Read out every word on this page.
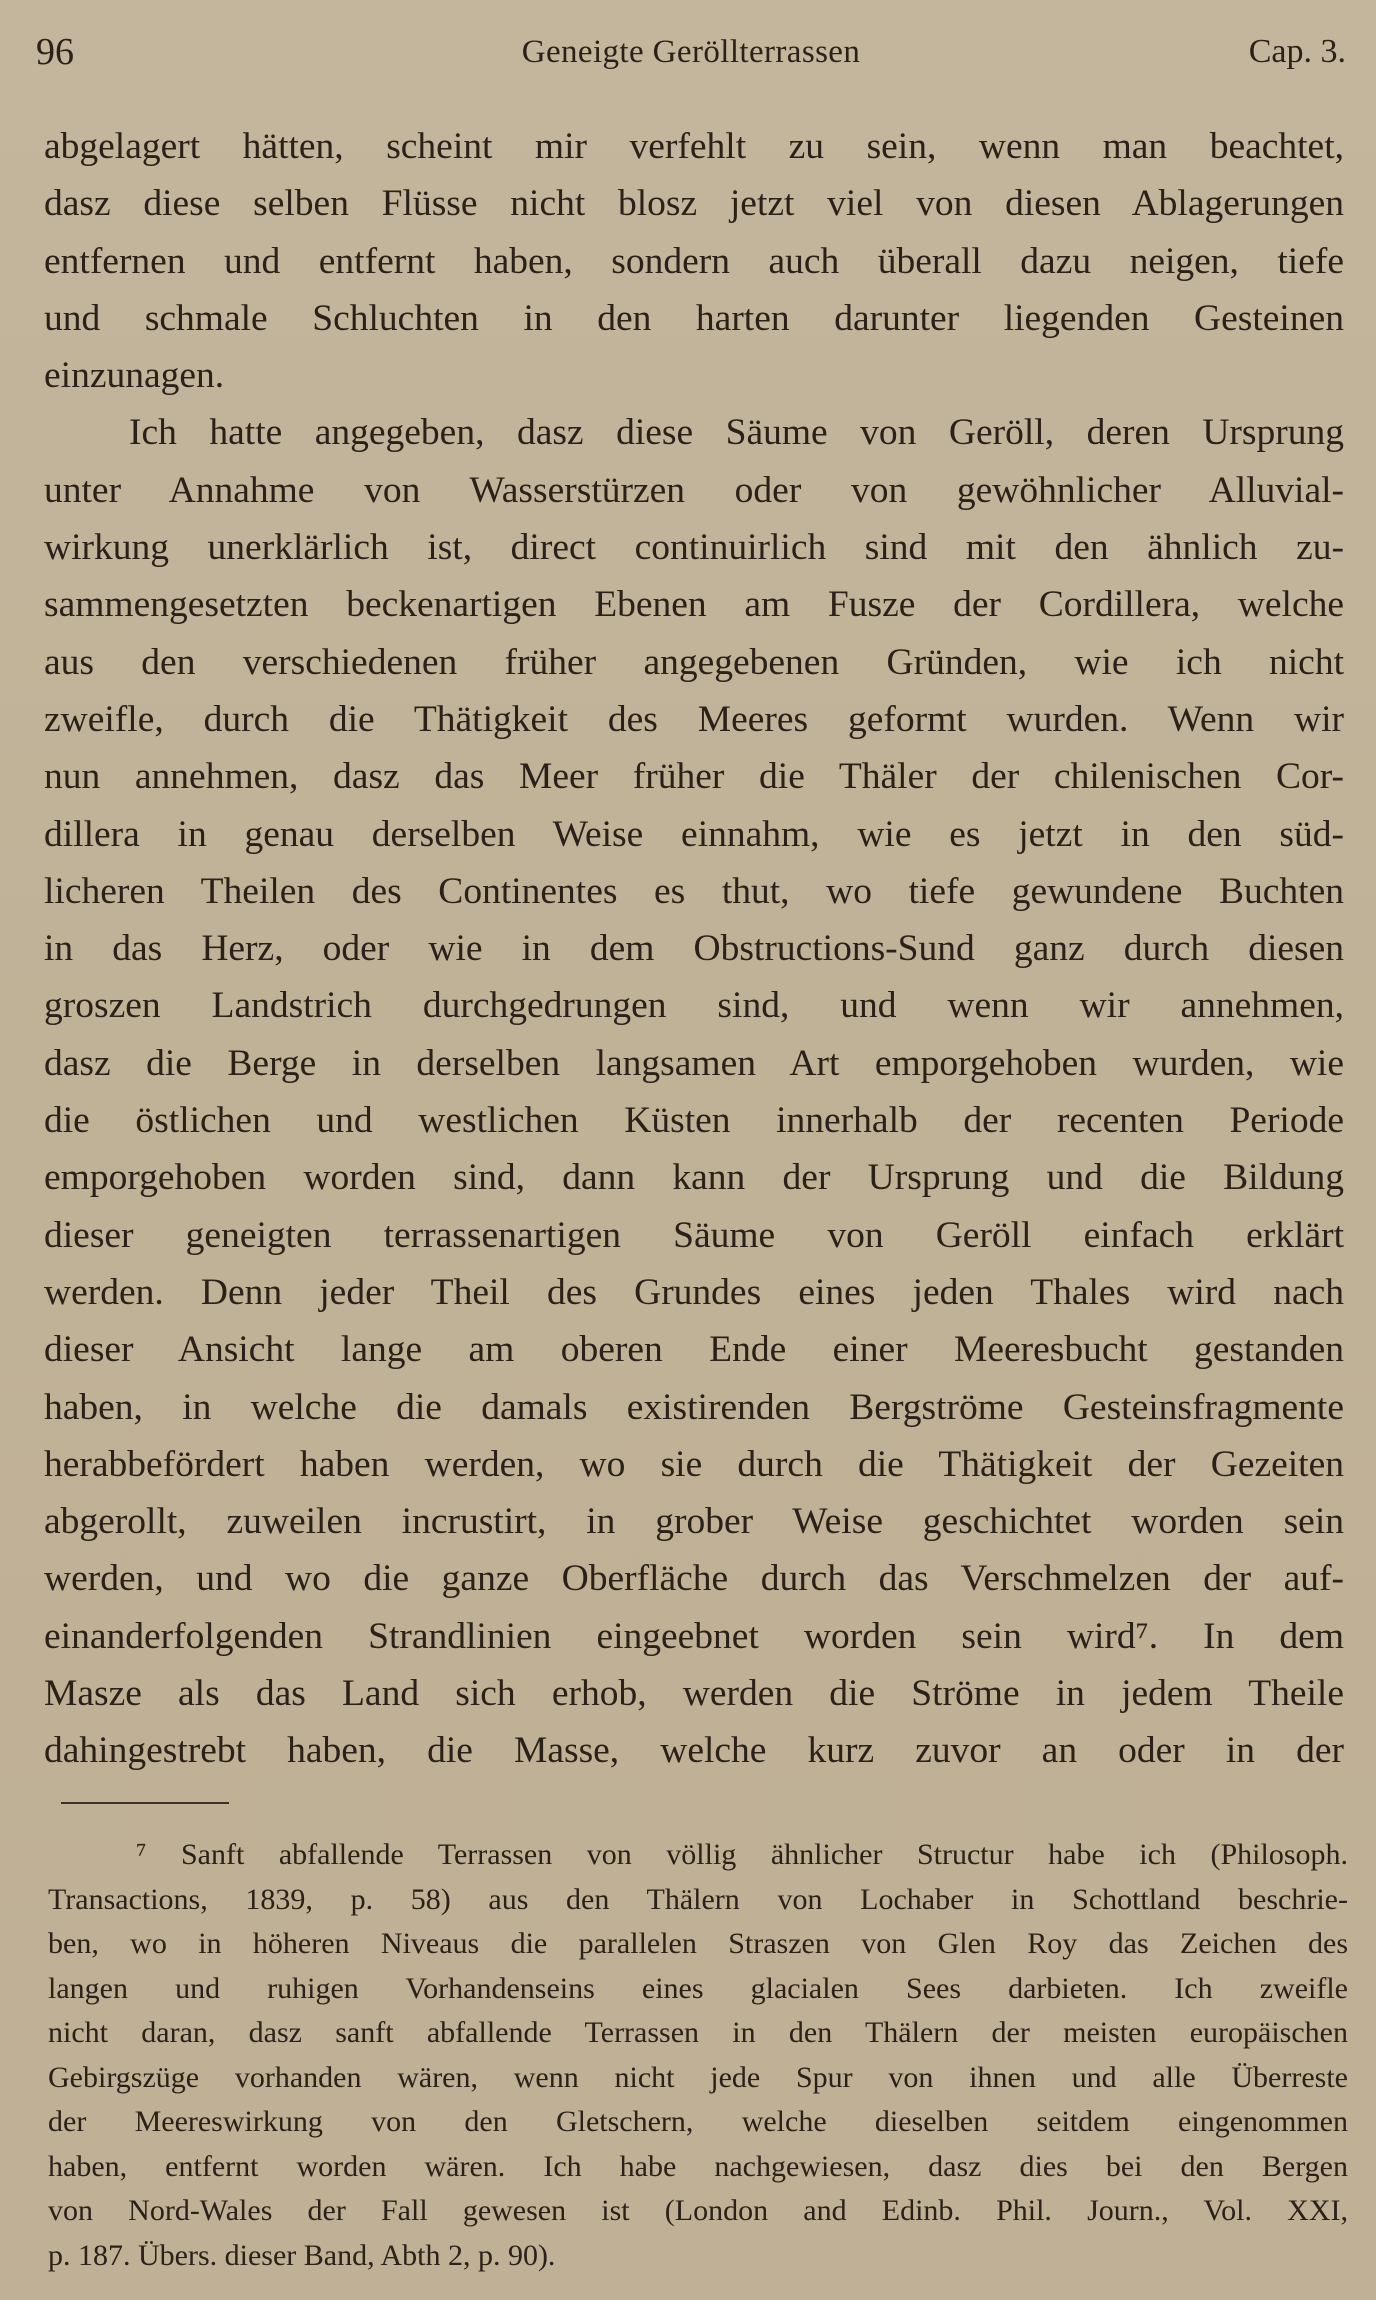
96	Geneigte Geröllterrassen	Cap. 3.
abgelagert hätten, scheint mir verfehlt zu sein, wenn man beachtet,
dasz diese selben Flüsse nicht blosz jetzt viel von diesen Ablagerungen
entfernen und entfernt haben, sondern auch überall dazu neigen, tiefe
und schmale Schluchten in den harten darunter liegenden Gesteinen
einzunagen.
Ich hatte angegeben, dasz diese Säume von Geröll, deren Ursprung
unter Annahme von Wasserstürzen oder von gewöhnlicher Alluvial-
wirkung unerklärlich ist, direct continuirlich sind mit den ähnlich zu-
sammengesetzten beckenartigen Ebenen am Fusze der Cordillera, welche
aus den verschiedenen früher angegebenen Gründen, wie ich nicht
zweifle, durch die Thätigkeit des Meeres geformt wurden. Wenn wir
nun annehmen, dasz das Meer früher die Thäler der chilenischen Cor-
dillera in genau derselben Weise einnahm, wie es jetzt in den süd-
licheren Theilen des Continentes es thut, wo tiefe gewundene Buchten
in das Herz, oder wie in dem Obstructions-Sund ganz durch diesen
groszen Landstrich durchgedrungen sind, und wenn wir annehmen,
dasz die Berge in derselben langsamen Art emporgehoben wurden, wie
die östlichen und westlichen Küsten innerhalb der recenten Periode
emporgehoben worden sind, dann kann der Ursprung und die Bildung
dieser geneigten terrassenartigen Säume von Geröll einfach erklärt
werden. Denn jeder Theil des Grundes eines jeden Thales wird nach
dieser Ansicht lange am oberen Ende einer Meeresbucht gestanden
haben, in welche die damals existirenden Bergströme Gesteinsfragmente
herabbefördert haben werden, wo sie durch die Thätigkeit der Gezeiten
abgerollt, zuweilen incrustirt, in grober Weise geschichtet worden sein
werden, und wo die ganze Oberfläche durch das Verschmelzen der auf-
einanderfolgenden Strandlinien eingeebnet worden sein wird⁷. In dem
Masze als das Land sich erhob, werden die Ströme in jedem Theile
dahingestrebt haben, die Masse, welche kurz zuvor an oder in der
⁷ Sanft abfallende Terrassen von völlig ähnlicher Structur habe ich (Philosoph.
Transactions, 1839, p. 58) aus den Thälern von Lochaber in Schottland beschrie-
ben, wo in höheren Niveaus die parallelen Straszen von Glen Roy das Zeichen des
langen und ruhigen Vorhandenseins eines glacialen Sees darbieten. Ich zweifle
nicht daran, dasz sanft abfallende Terrassen in den Thälern der meisten europäischen
Gebirgszüge vorhanden wären, wenn nicht jede Spur von ihnen und alle Überreste
der Meereswirkung von den Gletschern, welche dieselben seitdem eingenommen
haben, entfernt worden wären. Ich habe nachgewiesen, dasz dies bei den Bergen
von Nord-Wales der Fall gewesen ist (London and Edinb. Phil. Journ., Vol. XXI,
p. 187. Übers. dieser Band, Abth 2, p. 90).
